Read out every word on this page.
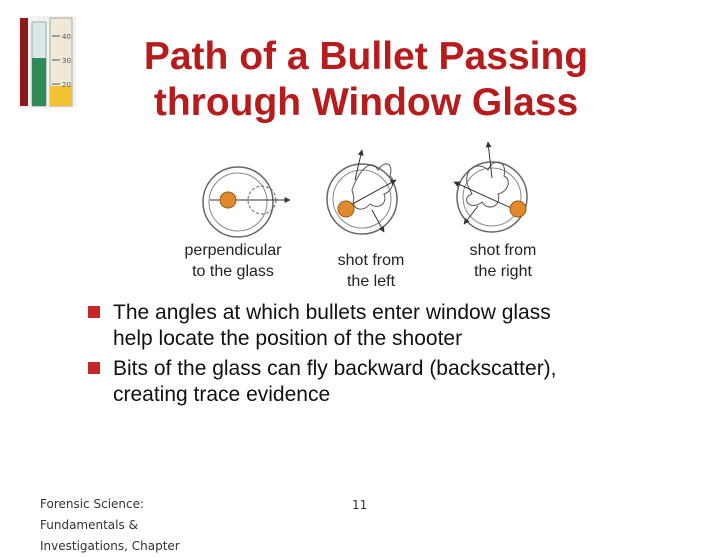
40
30
20
Path of a Bullet Passing
through Window Glass
perpendicular
to the glass
shot from
the left
shot from
the right
The angles at which bullets enter window glass
help locate the position of the shooter
Bits of the glass can fly backward (backscatter),
creating trace evidence
Forensic Science:
Fundamentals &
Investigations, Chapter
11
